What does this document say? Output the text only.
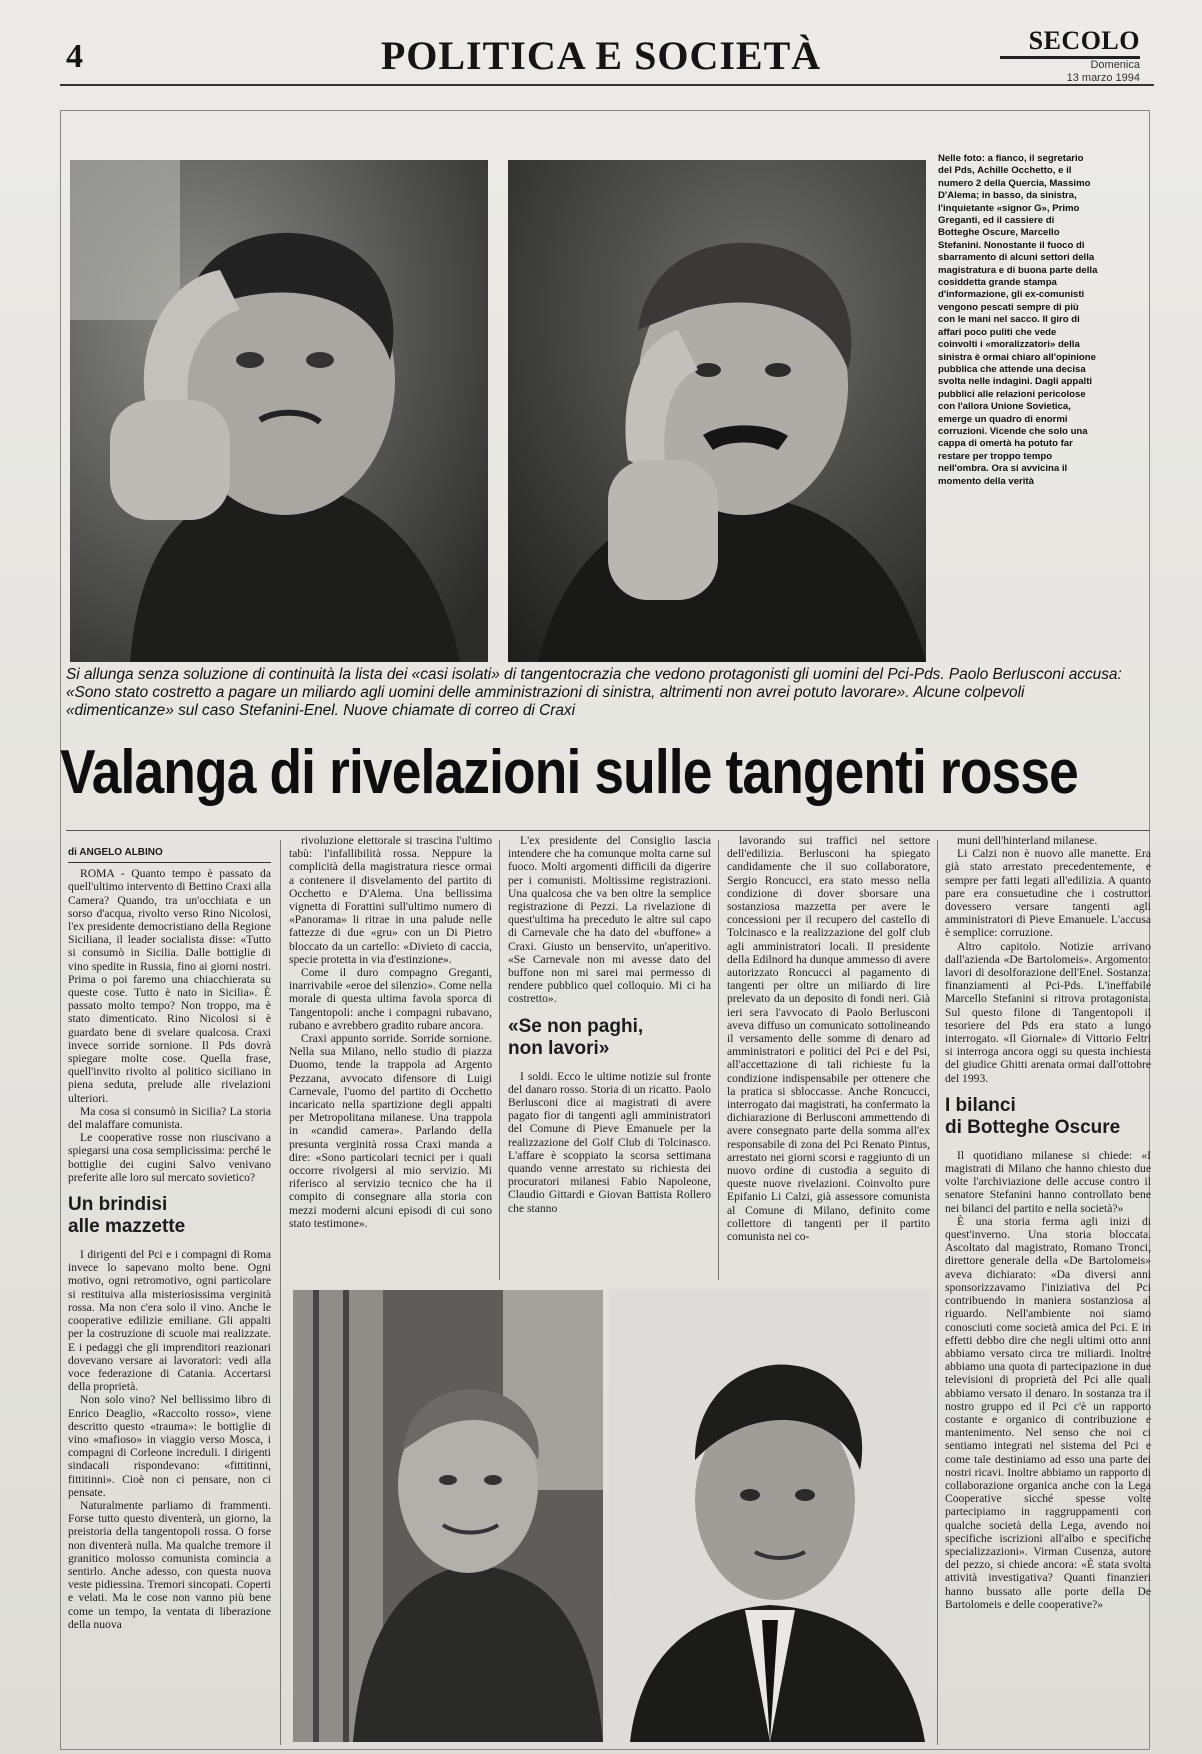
4	POLITICA E SOCIETÀ	SECOLO
Domenica
13 marzo 1994
Nelle foto: a fianco, il segretario del Pds, Achille Occhetto, e il numero 2 della Quercia, Massimo D'Alema; in basso, da sinistra, l'inquietante «signor G», Primo Greganti, ed il cassiere di Botteghe Oscure, Marcello Stefanini. Nonostante il fuoco di sbarramento di alcuni settori della magistratura e di buona parte della cosiddetta grande stampa d'informazione, gli ex-comunisti vengono pescati sempre di più con le mani nel sacco. Il giro di affari poco puliti che vede coinvolti i «moralizzatori» della sinistra è ormai chiaro all'opinione pubblica che attende una decisa svolta nelle indagini. Dagli appalti pubblici alle relazioni pericolose con l'allora Unione Sovietica, emerge un quadro di enormi corruzioni. Vicende che solo una cappa di omertà ha potuto far restare per troppo tempo nell'ombra. Ora si avvicina il momento della verità
Si allunga senza soluzione di continuità la lista dei «casi isolati» di tangentocrazia che vedono protagonisti gli uomini del Pci-Pds. Paolo Berlusconi accusa: «Sono stato costretto a pagare un miliardo agli uomini delle amministrazioni di sinistra, altrimenti non avrei potuto lavorare». Alcune colpevoli «dimenticanze» sul caso Stefanini-Enel. Nuove chiamate di correo di Craxi
Valanga di rivelazioni sulle tangenti rosse
di ANGELO ALBINO

ROMA - Quanto tempo è passato da quell'ultimo intervento di Bettino Craxi alla Camera? Quando, tra un'occhiata e un sorso d'acqua, rivolto verso Rino Nicolosi, l'ex presidente democristiano della Regione Siciliana, il leader socialista disse: «Tutto si consumò in Sicilia. Dalle bottiglie di vino spedite in Russia, fino ai giorni nostri. Prima o poi faremo una chiacchierata su queste cose. Tutto è nato in Sicilia». È passato molto tempo? Non troppo, ma è stato dimenticato. Rino Nicolosi si è guardato bene di svelare qualcosa. Craxi invece sorride sornione. Il Pds dovrà spiegare molte cose. Quella frase, quell'invito rivolto al politico siciliano in piena seduta, prelude alle rivelazioni ulteriori.

Ma cosa si consumò in Sicilia? La storia del malaffare comunista.

Le cooperative rosse non riuscivano a spiegarsi una cosa semplicissima: perché le bottiglie dei cugini Salvo venivano preferite alle loro sul mercato sovietico?

Un brindisi
alle mazzette

I dirigenti del Pci e i compagni di Roma invece lo sapevano molto bene. Ogni motivo, ogni retromotivo, ogni particolare si restituiva alla misteriosissima verginità rossa. Ma non c'era solo il vino. Anche le cooperative edilizie emiliane. Gli appalti per la costruzione di scuole mai realizzate. E i pedaggi che gli imprenditori reazionari dovevano versare ai lavoratori: vedi alla voce federazione di Catania. Accertarsi della proprietà.

Non solo vino? Nel bellissimo libro di Enrico Deaglio, «Raccolto rosso», viene descritto questo «trauma»: le bottiglie di vino «mafioso» in viaggio verso Mosca, i compagni di Corleone increduli. I dirigenti sindacali rispondevano: «fittitinni, fittitinni». Cioè non ci pensare, non ci pensate.

Naturalmente parliamo di frammenti. Forse tutto questo diventerà, un giorno, la preistoria della tangentopoli rossa. O forse non diventerà nulla. Ma qualche tremore il granitico molosso comunista comincia a sentirlo. Anche adesso, con questa nuova veste pidiessina. Tremori sincopati. Coperti e velati. Ma le cose non vanno più bene come un tempo, la ventata di liberazione della nuova

rivoluzione elettorale si trascina l'ultimo tabù: l'infallibilità rossa. Neppure la complicità della magistratura riesce ormai a contenere il disvelamento del partito di Occhetto e D'Alema. Una bellissima vignetta di Forattini sull'ultimo numero di «Panorama» li ritrae in una palude nelle fattezze di due «gru» con un Di Pietro bloccato da un cartello: «Divieto di caccia, specie protetta in via d'estinzione».

Come il duro compagno Greganti, inarrivabile «eroe del silenzio». Come nella morale di questa ultima favola sporca di Tangentopoli: anche i compagni rubavano, rubano e avrebbero gradito rubare ancora.

Craxi appunto sorride. Sorride sornione. Nella sua Milano, nello studio di piazza Duomo, tende la trappola ad Argento Pezzana, avvocato difensore di Luigi Carnevale, l'uomo del partito di Occhetto incaricato nella spartizione degli appalti per Metropolitana milanese. Una trappola in «candid camera». Parlando della presunta verginità rossa Craxi manda a dire: «Sono particolari tecnici per i quali occorre rivolgersi al mio servizio. Mi riferisco al servizio tecnico che ha il compito di consegnare alla storia con mezzi moderni alcuni episodi di cui sono stato testimone».

L'ex presidente del Consiglio lascia intendere che ha comunque molta carne sul fuoco. Molti argomenti difficili da digerire per i comunisti. Moltissime registrazioni. Una qualcosa che va ben oltre la semplice registrazione di Pezzi. La rivelazione di quest'ultima ha preceduto le altre sul capo di Carnevale che ha dato del «buffone» a Craxi. Giusto un benservito, un'aperitivo. «Se Carnevale non mi avesse dato del buffone non mi sarei mai permesso di rendere pubblico quel colloquio. Mi ci ha costretto».

«Se non paghi,
non lavori»

I soldi. Ecco le ultime notizie sul fronte del danaro rosso. Storia di un ricatto. Paolo Berlusconi dice ai magistrati di avere pagato fior di tangenti agli amministratori del Comune di Pieve Emanuele per la realizzazione del Golf Club di Tolcinasco. L'affare è scoppiato la scorsa settimana quando venne arrestato su richiesta dei procuratori milanesi Fabio Napoleone, Claudio Gittardi e Giovan Battista Rollero che stanno

lavorando sui traffici nel settore dell'edilizia. Berlusconi ha spiegato candidamente che il suo collaboratore, Sergio Roncucci, era stato messo nella condizione di dover sborsare una sostanziosa mazzetta per avere le concessioni per il recupero del castello di Tolcinasco e la realizzazione del golf club agli amministratori locali. Il presidente della Edilnord ha dunque ammesso di avere autorizzato Roncucci al pagamento di tangenti per oltre un miliardo di lire prelevato da un deposito di fondi neri. Già ieri sera l'avvocato di Paolo Berlusconi aveva diffuso un comunicato sottolineando il versamento delle somme di denaro ad amministratori e politici del Pci e del Psi, all'accettazione di tali richieste fu la condizione indispensabile per ottenere che la pratica si sbloccasse. Anche Roncucci, interrogato dai magistrati, ha confermato la dichiarazione di Berlusconi ammettendo di avere consegnato parte della somma all'ex responsabile di zona del Pci Renato Pintus, arrestato nei giorni scorsi e raggiunto di un nuovo ordine di custodia a seguito di queste nuove rivelazioni. Coinvolto pure Epifanio Li Calzi, già assessore comunista al Comune di Milano, definito come collettore di tangenti per il partito comunista nei co-

muni dell'hinterland milanese.

Li Calzi non è nuovo alle manette. Era già stato arrestato precedentemente, e sempre per fatti legati all'edilizia. A quanto pare era consuetudine che i costruttori dovessero versare tangenti agli amministratori di Pieve Emanuele. L'accusa è semplice: corruzione.

Altro capitolo. Notizie arrivano dall'azienda «De Bartolomeis». Argomento: lavori di desolforazione dell'Enel. Sostanza: finanziamenti al Pci-Pds. L'ineffabile Marcello Stefanini si ritrova protagonista. Sul questo filone di Tangentopoli il tesoriere del Pds era stato a lungo interrogato. «Il Giornale» di Vittorio Feltri si interroga ancora oggi su questa inchiesta del giudice Ghitti arenata ormai dall'ottobre del 1993.

I bilanci
di Botteghe Oscure

Il quotidiano milanese si chiede: «I magistrati di Milano che hanno chiesto due volte l'archiviazione delle accuse contro il senatore Stefanini hanno controllato bene nei bilanci del partito e nella società?»

È una storia ferma agli inizi di quest'inverno. Una storia bloccata. Ascoltato dal magistrato, Romano Tronci, direttore generale della «De Bartolomeis» aveva dichiarato: «Da diversi anni sponsorizzavamo l'iniziativa del Pci contribuendo in maniera sostanziosa al riguardo. Nell'ambiente noi siamo conosciuti come società amica del Pci. E in effetti debbo dire che negli ultimi otto anni abbiamo versato circa tre miliardi. Inoltre abbiamo una quota di partecipazione in due televisioni di proprietà del Pci alle quali abbiamo versato il denaro. In sostanza tra il nostro gruppo ed il Pci c'è un rapporto costante e organico di contribuzione e mantenimento. Nel senso che noi ci sentiamo integrati nel sistema del Pci e come tale destiniamo ad esso una parte dei nostri ricavi. Inoltre abbiamo un rapporto di collaborazione organica anche con la Lega Cooperative sicché spesse volte partecipiamo in raggruppamenti con qualche società della Lega, avendo noi specifiche iscrizioni all'albo e specifiche specializzazioni». Virman Cusenza, autore del pezzo, si chiede ancora: «È stata svolta attività investigativa? Quanti finanzieri hanno bussato alle porte della De Bartolomeis e delle cooperative?»
